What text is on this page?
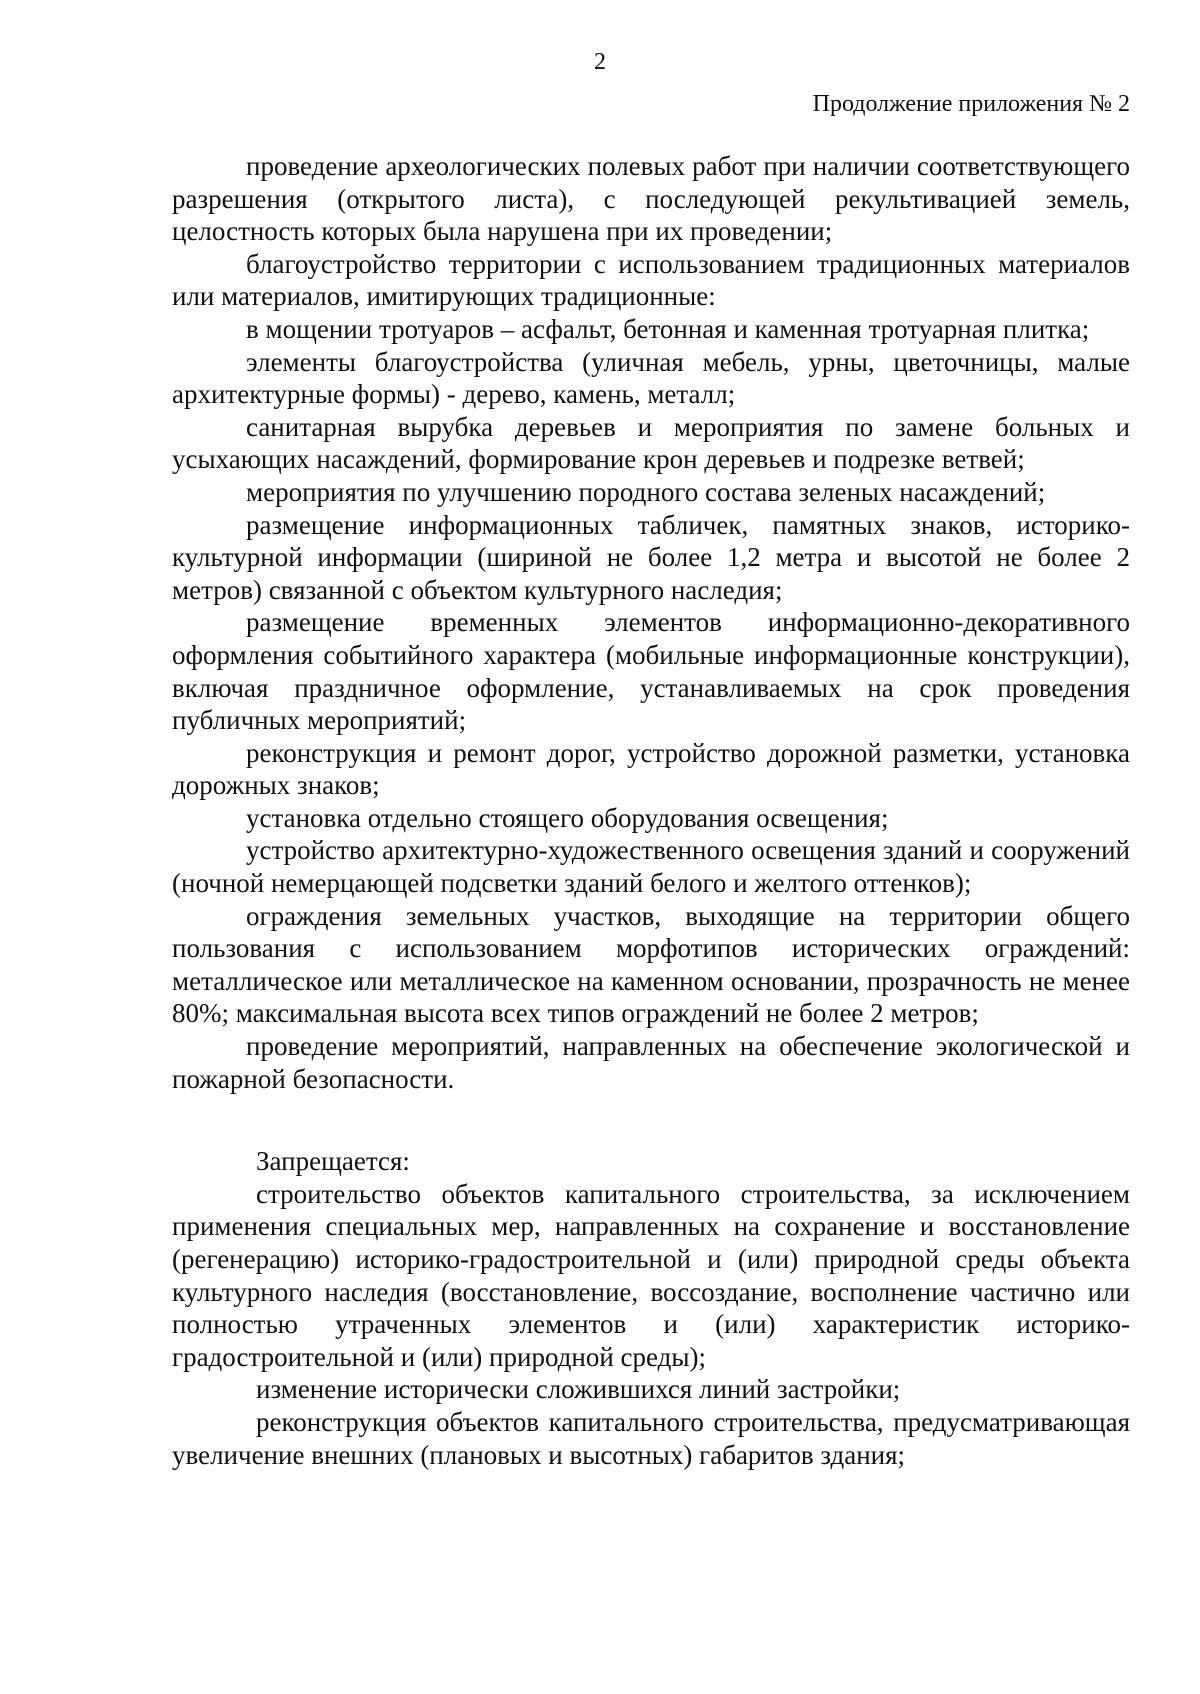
2
Продолжение приложения № 2

проведение археологических полевых работ при наличии соответствующего разрешения (открытого листа), с последующей рекультивацией земель, целостность которых была нарушена при их проведении;

благоустройство территории с использованием традиционных материалов или материалов, имитирующих традиционные:

в мощении тротуаров – асфальт, бетонная и каменная тротуарная плитка;

элементы благоустройства (уличная мебель, урны, цветочницы, малые архитектурные формы) - дерево, камень, металл;

санитарная вырубка деревьев и мероприятия по замене больных и усыхающих насаждений, формирование крон деревьев и подрезке ветвей;

мероприятия по улучшению породного состава зеленых насаждений;

размещение информационных табличек, памятных знаков, историко-культурной информации (шириной не более 1,2 метра и высотой не более 2 метров) связанной с объектом культурного наследия;

размещение временных элементов информационно-декоративного оформления событийного характера (мобильные информационные конструкции), включая праздничное оформление, устанавливаемых на срок проведения публичных мероприятий;

реконструкция и ремонт дорог, устройство дорожной разметки, установка дорожных знаков;

установка отдельно стоящего оборудования освещения;

устройство архитектурно-художественного освещения зданий и сооружений (ночной немерцающей подсветки зданий белого и желтого оттенков);

ограждения земельных участков, выходящие на территории общего пользования с использованием морфотипов исторических ограждений: металлическое или металлическое на каменном основании, прозрачность не менее 80%; максимальная высота всех типов ограждений не более 2 метров;

проведение мероприятий, направленных на обеспечение экологической и пожарной безопасности.

Запрещается:

строительство объектов капитального строительства, за исключением применения специальных мер, направленных на сохранение и восстановление (регенерацию) историко-градостроительной и (или) природной среды объекта культурного наследия (восстановление, воссоздание, восполнение частично или полностью утраченных элементов и (или) характеристик историко-градостроительной и (или) природной среды);

изменение исторически сложившихся линий застройки;

реконструкция объектов капитального строительства, предусматривающая увеличение внешних (плановых и высотных) габаритов здания;
